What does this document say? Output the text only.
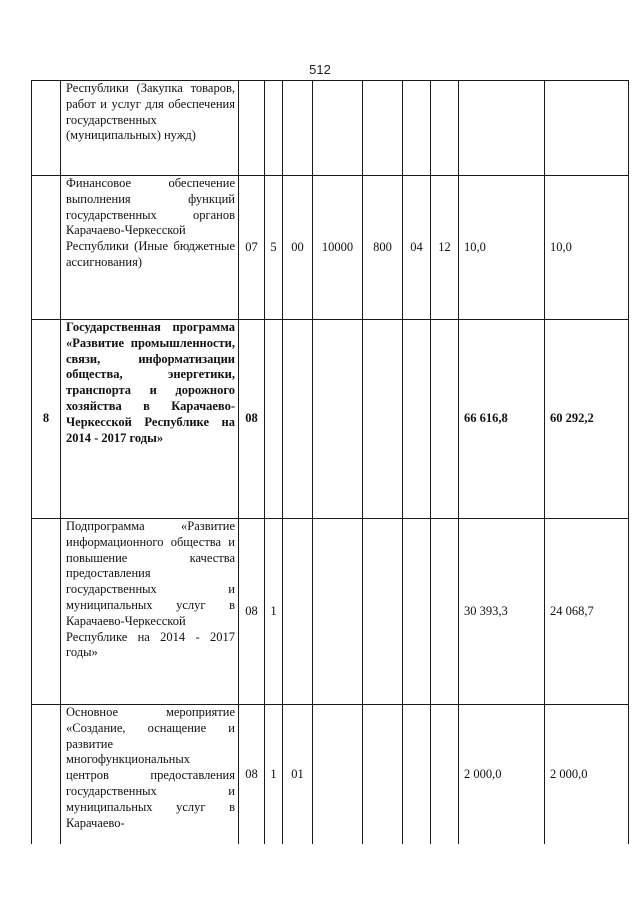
512

	Республики (Закупка товаров, работ и услуг для обеспечения государственных (муниципальных) нужд)									

	Финансовое обеспечение выполнения функций государственных органов Карачаево-Черкесской Республики (Иные бюджетные ассигнования)	07	5	00	10000	800	04	12	10,0	10,0
8	Государственная программа «Развитие промышленности, связи, информатизации общества, энергетики, транспорта и дорожного хозяйства в Карачаево-Черкесской Республике на 2014 - 2017 годы»	08							66 616,8	60 292,2

	Подпрограмма «Развитие информационного общества и повышение качества предоставления государственных и муниципальных услуг в Карачаево-Черкесской Республике на 2014 - 2017 годы»	08	1						30 393,3	24 068,7

	Основное мероприятие «Создание, оснащение и развитие многофункциональных центров предоставления государственных и муниципальных услуг в Карачаево-	08	1	01					2 000,0	2 000,0
